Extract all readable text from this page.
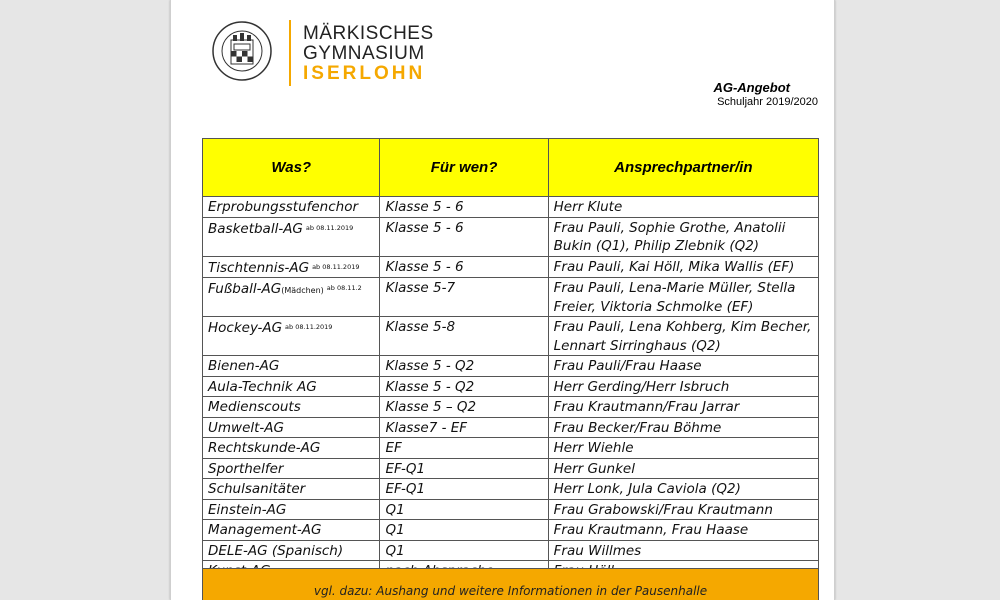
MÄRKISCHES
GYMNASIUM
ISERLOHN
AG-Angebot
Schuljahr 2019/2020
Was?	Für wen?	Ansprechpartner/in
Erprobungsstufenchor	Klasse 5 - 6	Herr Klute
Basketball-AG $^{ab 08.11.2019}$	Klasse 5 - 6	Frau Pauli, Sophie Grothe, Anatolii Bukin (Q1), Philip Zlebnik (Q2)
Tischtennis-AG $^{ab 08.11.2019}$	Klasse 5 - 6	Frau Pauli, Kai Höll, Mika Wallis (EF)
Fußball-AG(Mädchen) $^{ab 08.11.2}$	Klasse 5-7	Frau Pauli, Lena-Marie Müller, Stella Freier, Viktoria Schmolke (EF)
Hockey-AG $^{ab 08.11.2019}$	Klasse 5-8	Frau Pauli, Lena Kohberg, Kim Becher, Lennart Sirringhaus (Q2)
Bienen-AG	Klasse 5 - Q2	Frau Pauli/Frau Haase
Aula-Technik AG	Klasse 5 - Q2	Herr Gerding/Herr Isbruch
Medienscouts	Klasse 5 – Q2	Frau Krautmann/Frau Jarrar
Umwelt-AG	Klasse7 - EF	Frau Becker/Frau Böhme
Rechtskunde-AG	EF	Herr Wiehle
Sporthelfer	EF-Q1	Herr Gunkel
Schulsanitäter	EF-Q1	Herr Lonk, Jula Caviola (Q2)
Einstein-AG	Q1	Frau Grabowski/Frau Krautmann
Management-AG	Q1	Frau Krautmann, Frau Haase
DELE-AG (Spanisch)	Q1	Frau Willmes

vgl. dazu: Aushang und weitere Informationen in der Pausenhalle
